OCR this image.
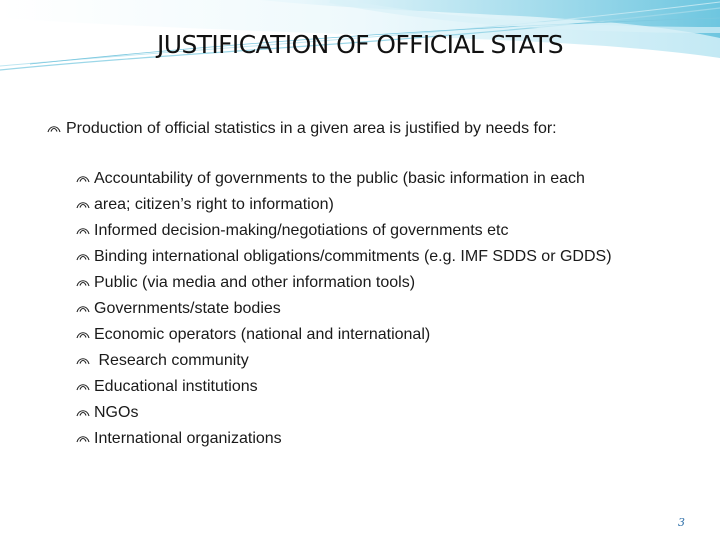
JUSTIFICATION OF OFFICIAL STATS
Production of official statistics in a given area is justified by needs for:
Accountability of governments to the public (basic information in each
area; citizen’s right to information)
Informed decision-making/negotiations of governments etc
Binding international obligations/commitments (e.g. IMF SDDS or GDDS)
Public (via media and other information tools)
Governments/state bodies
Economic operators (national and international)
Research community
Educational institutions
NGOs
International organizations
3
